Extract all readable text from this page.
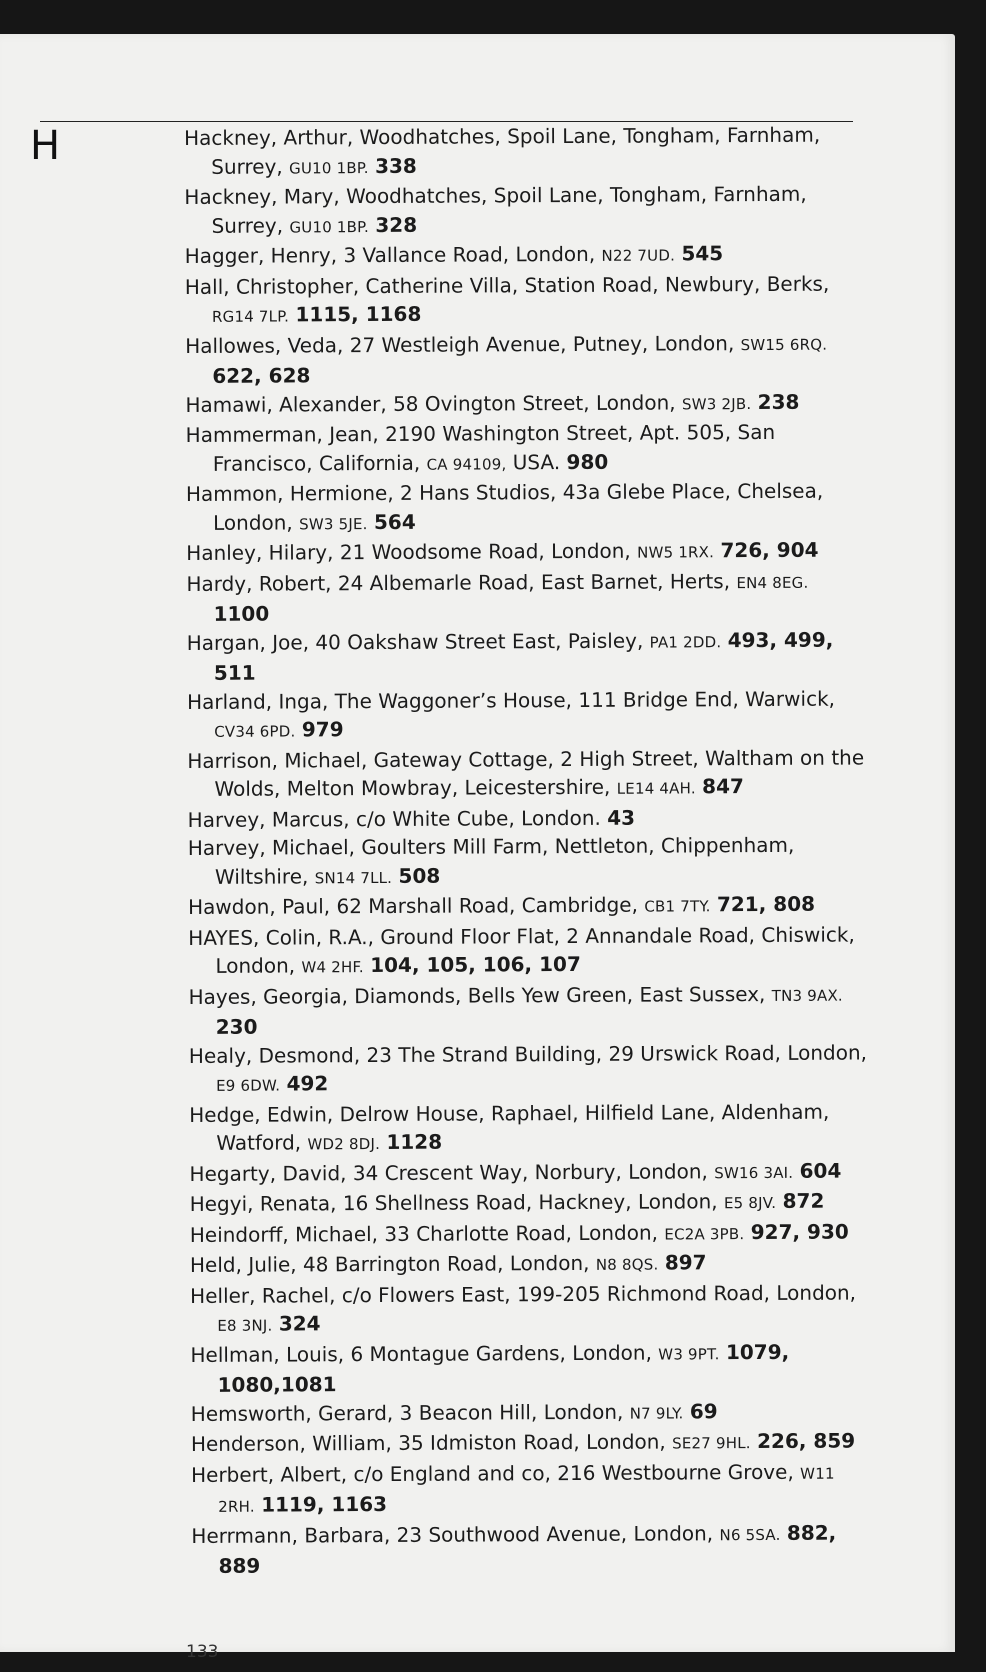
H	Hackney, Arthur, Woodhatches, Spoil Lane, Tongham, Farnham, Surrey, GU10 1BP. 338
Hackney, Mary, Woodhatches, Spoil Lane, Tongham, Farnham, Surrey, GU10 1BP. 328
Hagger, Henry, 3 Vallance Road, London, N22 7UD. 545
Hall, Christopher, Catherine Villa, Station Road, Newbury, Berks, RG14 7LP. 1115, 1168
Hallowes, Veda, 27 Westleigh Avenue, Putney, London, SW15 6RQ. 622, 628
Hamawi, Alexander, 58 Ovington Street, London, SW3 2JB. 238
Hammerman, Jean, 2190 Washington Street, Apt. 505, San Francisco, California, CA 94109, USA. 980
Hammon, Hermione, 2 Hans Studios, 43a Glebe Place, Chelsea, London, SW3 5JE. 564
Hanley, Hilary, 21 Woodsome Road, London, NW5 1RX. 726, 904
Hardy, Robert, 24 Albemarle Road, East Barnet, Herts, EN4 8EG. 1100
Hargan, Joe, 40 Oakshaw Street East, Paisley, PA1 2DD. 493, 499, 511
Harland, Inga, The Waggoner’s House, 111 Bridge End, Warwick, CV34 6PD. 979
Harrison, Michael, Gateway Cottage, 2 High Street, Waltham on the Wolds, Melton Mowbray, Leicestershire, LE14 4AH. 847
Harvey, Marcus, c/o White Cube, London. 43
Harvey, Michael, Goulters Mill Farm, Nettleton, Chippenham, Wiltshire, SN14 7LL. 508
Hawdon, Paul, 62 Marshall Road, Cambridge, CB1 7TY. 721, 808
HAYES, Colin, R.A., Ground Floor Flat, 2 Annandale Road, Chiswick, London, W4 2HF. 104, 105, 106, 107
Hayes, Georgia, Diamonds, Bells Yew Green, East Sussex, TN3 9AX. 230
Healy, Desmond, 23 The Strand Building, 29 Urswick Road, London, E9 6DW. 492
Hedge, Edwin, Delrow House, Raphael, Hilfield Lane, Aldenham, Watford, WD2 8DJ. 1128
Hegarty, David, 34 Crescent Way, Norbury, London, SW16 3AI. 604
Hegyi, Renata, 16 Shellness Road, Hackney, London, E5 8JV. 872
Heindorff, Michael, 33 Charlotte Road, London, EC2A 3PB. 927, 930
Held, Julie, 48 Barrington Road, London, N8 8QS. 897
Heller, Rachel, c/o Flowers East, 199-205 Richmond Road, London, E8 3NJ. 324
Hellman, Louis, 6 Montague Gardens, London, W3 9PT. 1079, 1080,1081
Hemsworth, Gerard, 3 Beacon Hill, London, N7 9LY. 69
Henderson, William, 35 Idmiston Road, London, SE27 9HL. 226, 859
Herbert, Albert, c/o England and co, 216 Westbourne Grove, W11 2RH. 1119, 1163
Herrmann, Barbara, 23 Southwood Avenue, London, N6 5SA. 882, 889
133
